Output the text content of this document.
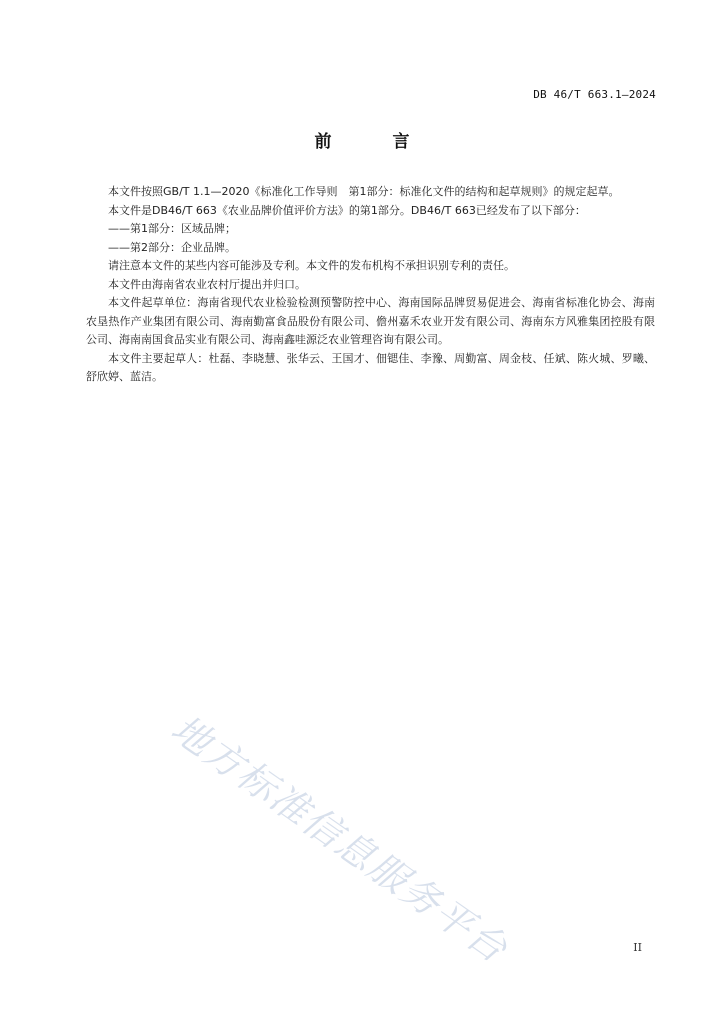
DB 46/T 663.1—2024
前　言

本文件按照GB/T 1.1—2020《标准化工作导则　第1部分：标准化文件的结构和起草规则》的规定起草。

本文件是DB46/T 663《农业品牌价值评价方法》的第1部分。DB46/T 663已经发布了以下部分：

——第1部分：区域品牌；

——第2部分：企业品牌。

请注意本文件的某些内容可能涉及专利。本文件的发布机构不承担识别专利的责任。

本文件由海南省农业农村厅提出并归口。

本文件起草单位：海南省现代农业检验检测预警防控中心、海南国际品牌贸易促进会、海南省标准化协会、海南农垦热作产业集团有限公司、海南勤富食品股份有限公司、儋州嘉禾农业开发有限公司、海南东方风雅集团控股有限公司、海南南国食品实业有限公司、海南鑫哇源泛农业管理咨询有限公司。

本文件主要起草人：杜磊、李晓慧、张华云、王国才、佃锶佳、李豫、周勤富、周金枝、任斌、陈火城、罗曦、舒欣婷、蓝洁。

地方标准信息服务平台	II
